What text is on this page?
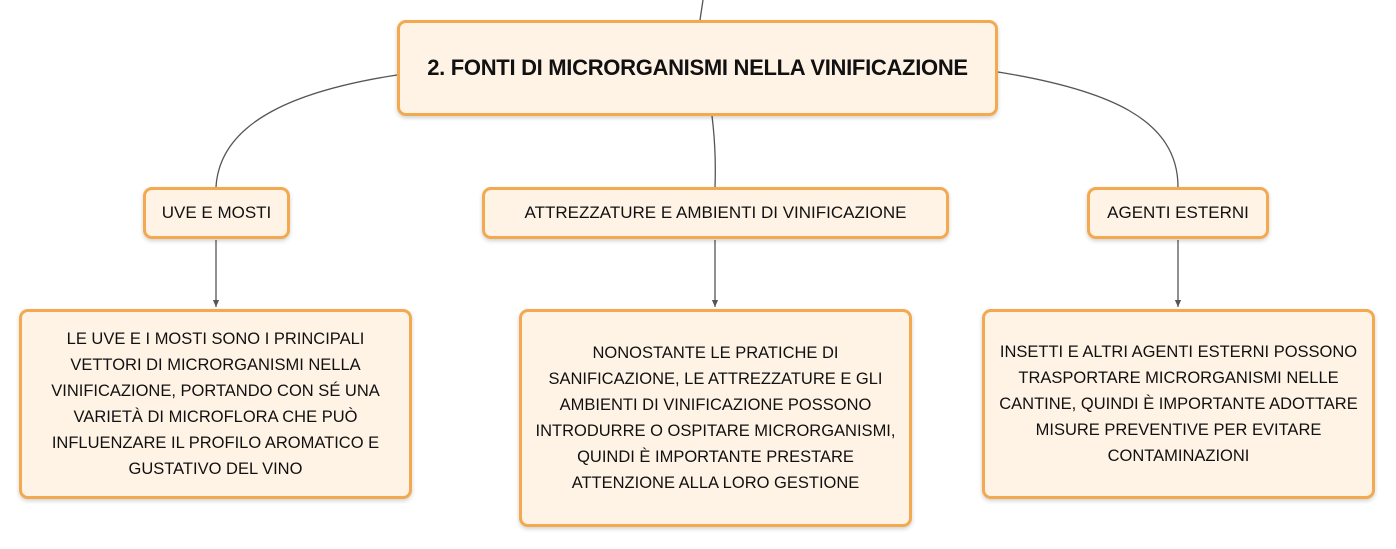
2. FONTI DI MICRORGANISMI NELLA VINIFICAZIONE
UVE E MOSTI	ATTREZZATURE E AMBIENTI DI VINIFICAZIONE	AGENTI ESTERNI
LE UVE E I MOSTI SONO I PRINCIPALI VETTORI DI MICRORGANISMI NELLA VINIFICAZIONE, PORTANDO CON SÉ UNA VARIETÀ DI MICROFLORA CHE PUÒ INFLUENZARE IL PROFILO AROMATICO E GUSTATIVO DEL VINO
NONOSTANTE LE PRATICHE DI SANIFICAZIONE, LE ATTREZZATURE E GLI AMBIENTI DI VINIFICAZIONE POSSONO INTRODURRE O OSPITARE MICRORGANISMI, QUINDI È IMPORTANTE PRESTARE ATTENZIONE ALLA LORO GESTIONE
INSETTI E ALTRI AGENTI ESTERNI POSSONO TRASPORTARE MICRORGANISMI NELLE CANTINE, QUINDI È IMPORTANTE ADOTTARE MISURE PREVENTIVE PER EVITARE CONTAMINAZIONI
